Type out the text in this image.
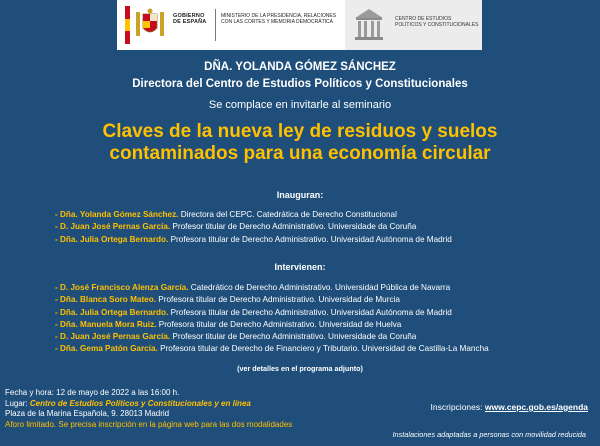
GOBIERNO DE ESPAÑA
MINISTERIO DE LA PRESIDENCIA, RELACIONES CON LAS CORTES Y MEMORIA DEMOCRÁTICA	CENTRO DE ESTUDIOS POLÍTICOS Y CONSTITUCIONALES
DÑA. YOLANDA GÓMEZ SÁNCHEZ
Directora del Centro de Estudios Políticos y Constitucionales
Se complace en invitarle al seminario
Claves de la nueva ley de residuos y suelos
contaminados para una economía circular
Inauguran:
- Dña. Yolanda Gómez Sánchez. Directora del CEPC. Catedrática de Derecho Constitucional
- D. Juan José Pernas García. Profesor titular de Derecho Administrativo. Universidade da Coruña
- Dña. Julia Ortega Bernardo. Profesora titular de Derecho Administrativo. Universidad Autónoma de Madrid
Intervienen:
- D. José Francisco Alenza García. Catedrático de Derecho Administrativo. Universidad Pública de Navarra
- Dña. Blanca Soro Mateo. Profesora titular de Derecho Administrativo. Universidad de Murcia
- Dña. Julia Ortega Bernardo. Profesora titular de Derecho Administrativo. Universidad Autónoma de Madrid
- Dña. Manuela Mora Ruiz. Profesora titular de Derecho Administrativo. Universidad de Huelva
- D. Juan José Pernas García. Profesor titular de Derecho Administrativo. Universidade da Coruña
- Dña. Gema Patón García. Profesora titular de Derecho de Financiero y Tributario. Universidad de Castilla-La Mancha
(ver detalles en el programa adjunto)
Fecha y hora: 12 de mayo de 2022 a las 16:00 h.
Lugar: Centro de Estudios Políticos y Constitucionales y en línea
Plaza de la Marina Española, 9. 28013 Madrid
Aforo limitado. Se precisa inscripción en la página web para las dos modalidades
Inscripciones: www.cepc.gob.es/agenda
Instalaciones adaptadas a personas con movilidad reducida
